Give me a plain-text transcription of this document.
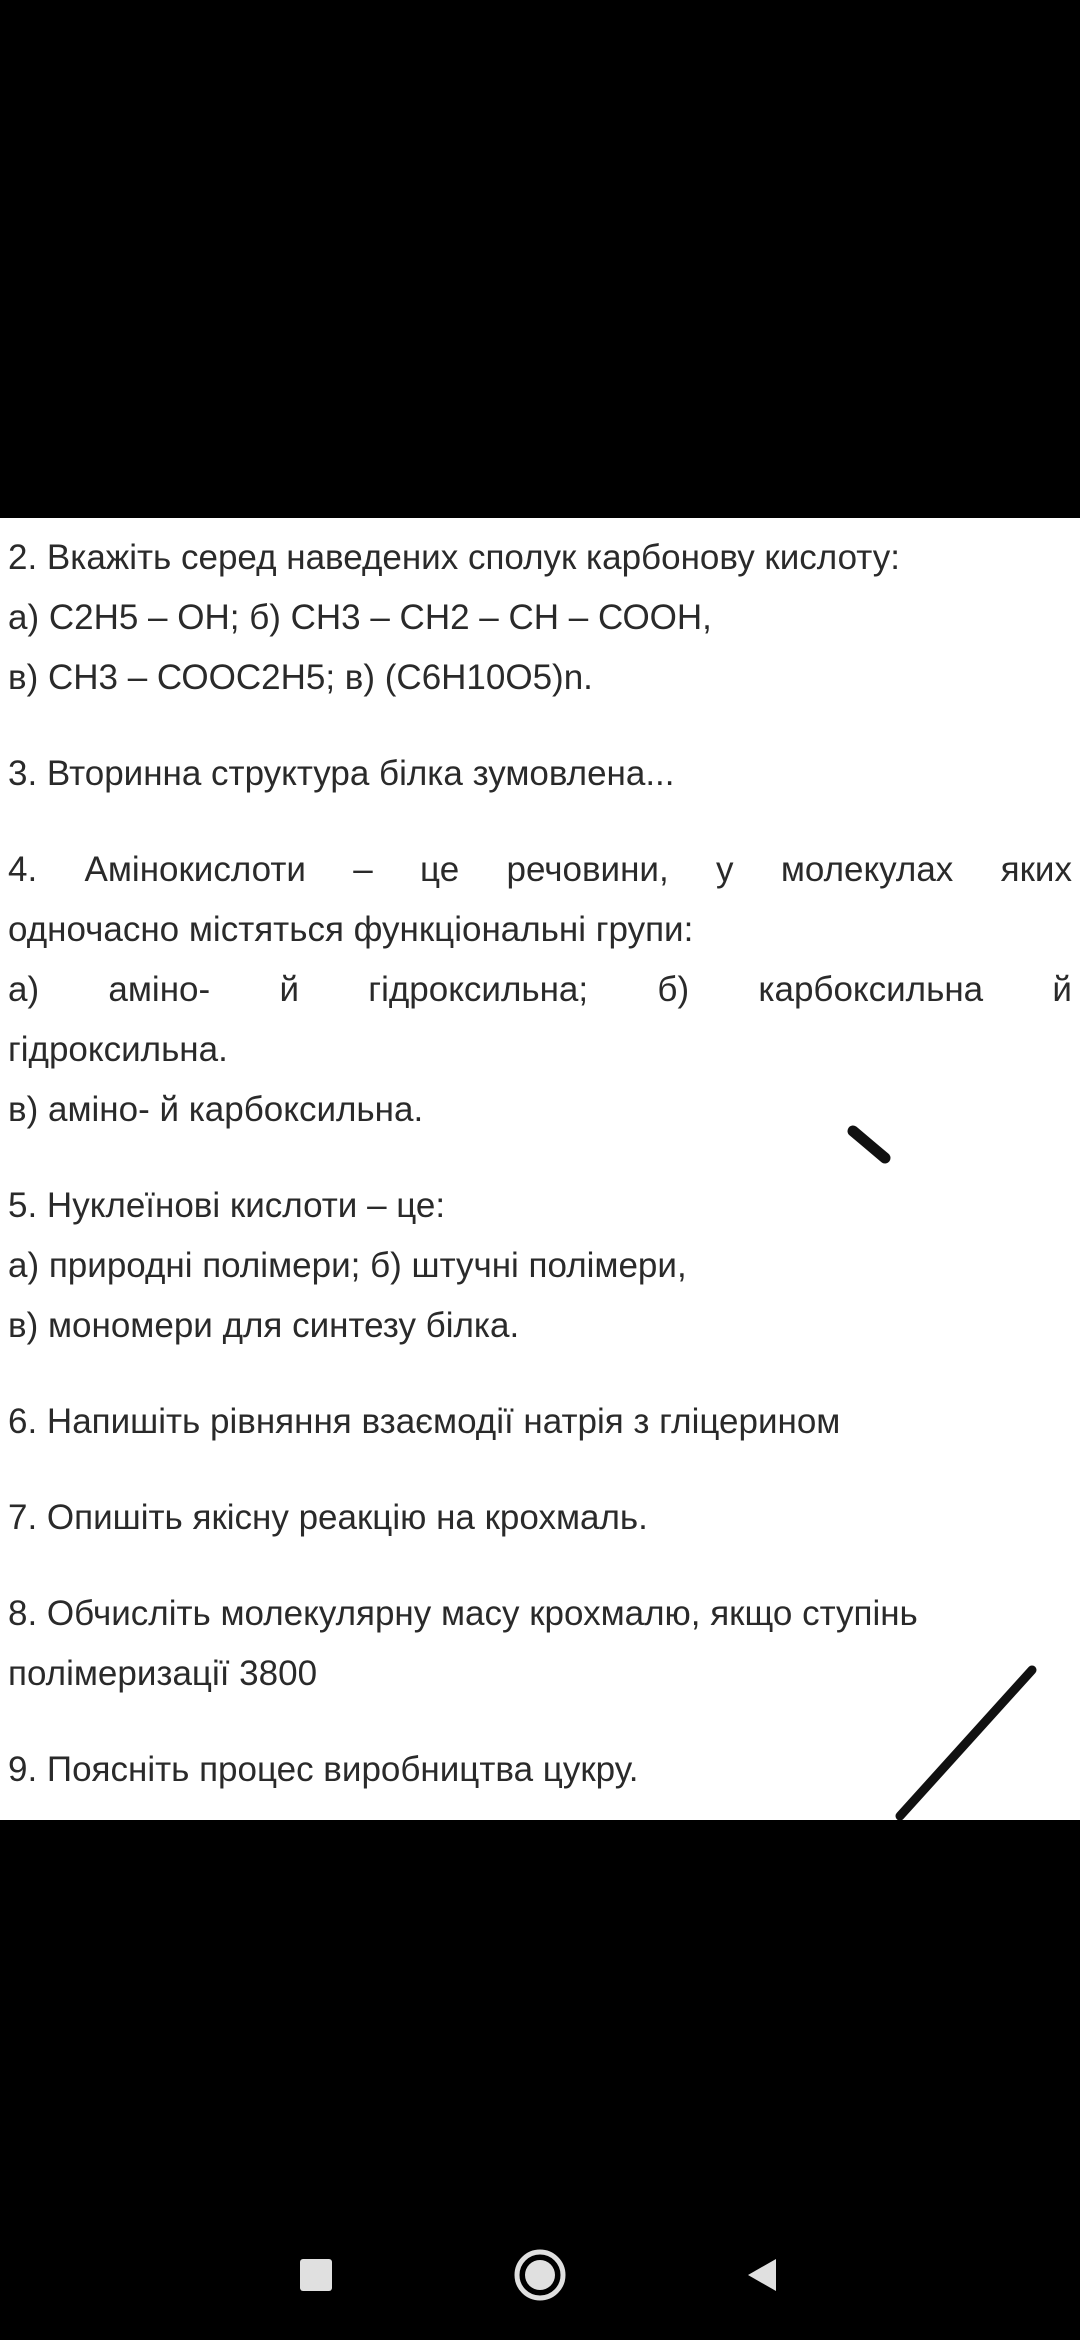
2. Вкажіть серед наведених сполук карбонову кислоту:
а) С2Н5 – ОН; б) СН3 – СН2 – СН – СООН,
в) СН3 – СООС2Н5; в) (С6Н10О5)n.
3. Вторинна структура білка зумовлена...
4. Амінокислоти – це речовини, у молекулах яких
одночасно містяться функціональні групи:
а) аміно- й гідроксильна; б) карбоксильна й
гідроксильна.
в) аміно- й карбоксильна.
5. Нуклеїнові кислоти – це:
а) природні полімери; б) штучні полімери,
в) мономери для синтезу білка.
6. Напишіть рівняння взаємодії натрія з гліцерином
7. Опишіть якісну реакцію на крохмаль.
8. Обчисліть молекулярну масу крохмалю, якщо ступінь
полімеризації 3800
9. Поясніть процес виробництва цукру.
